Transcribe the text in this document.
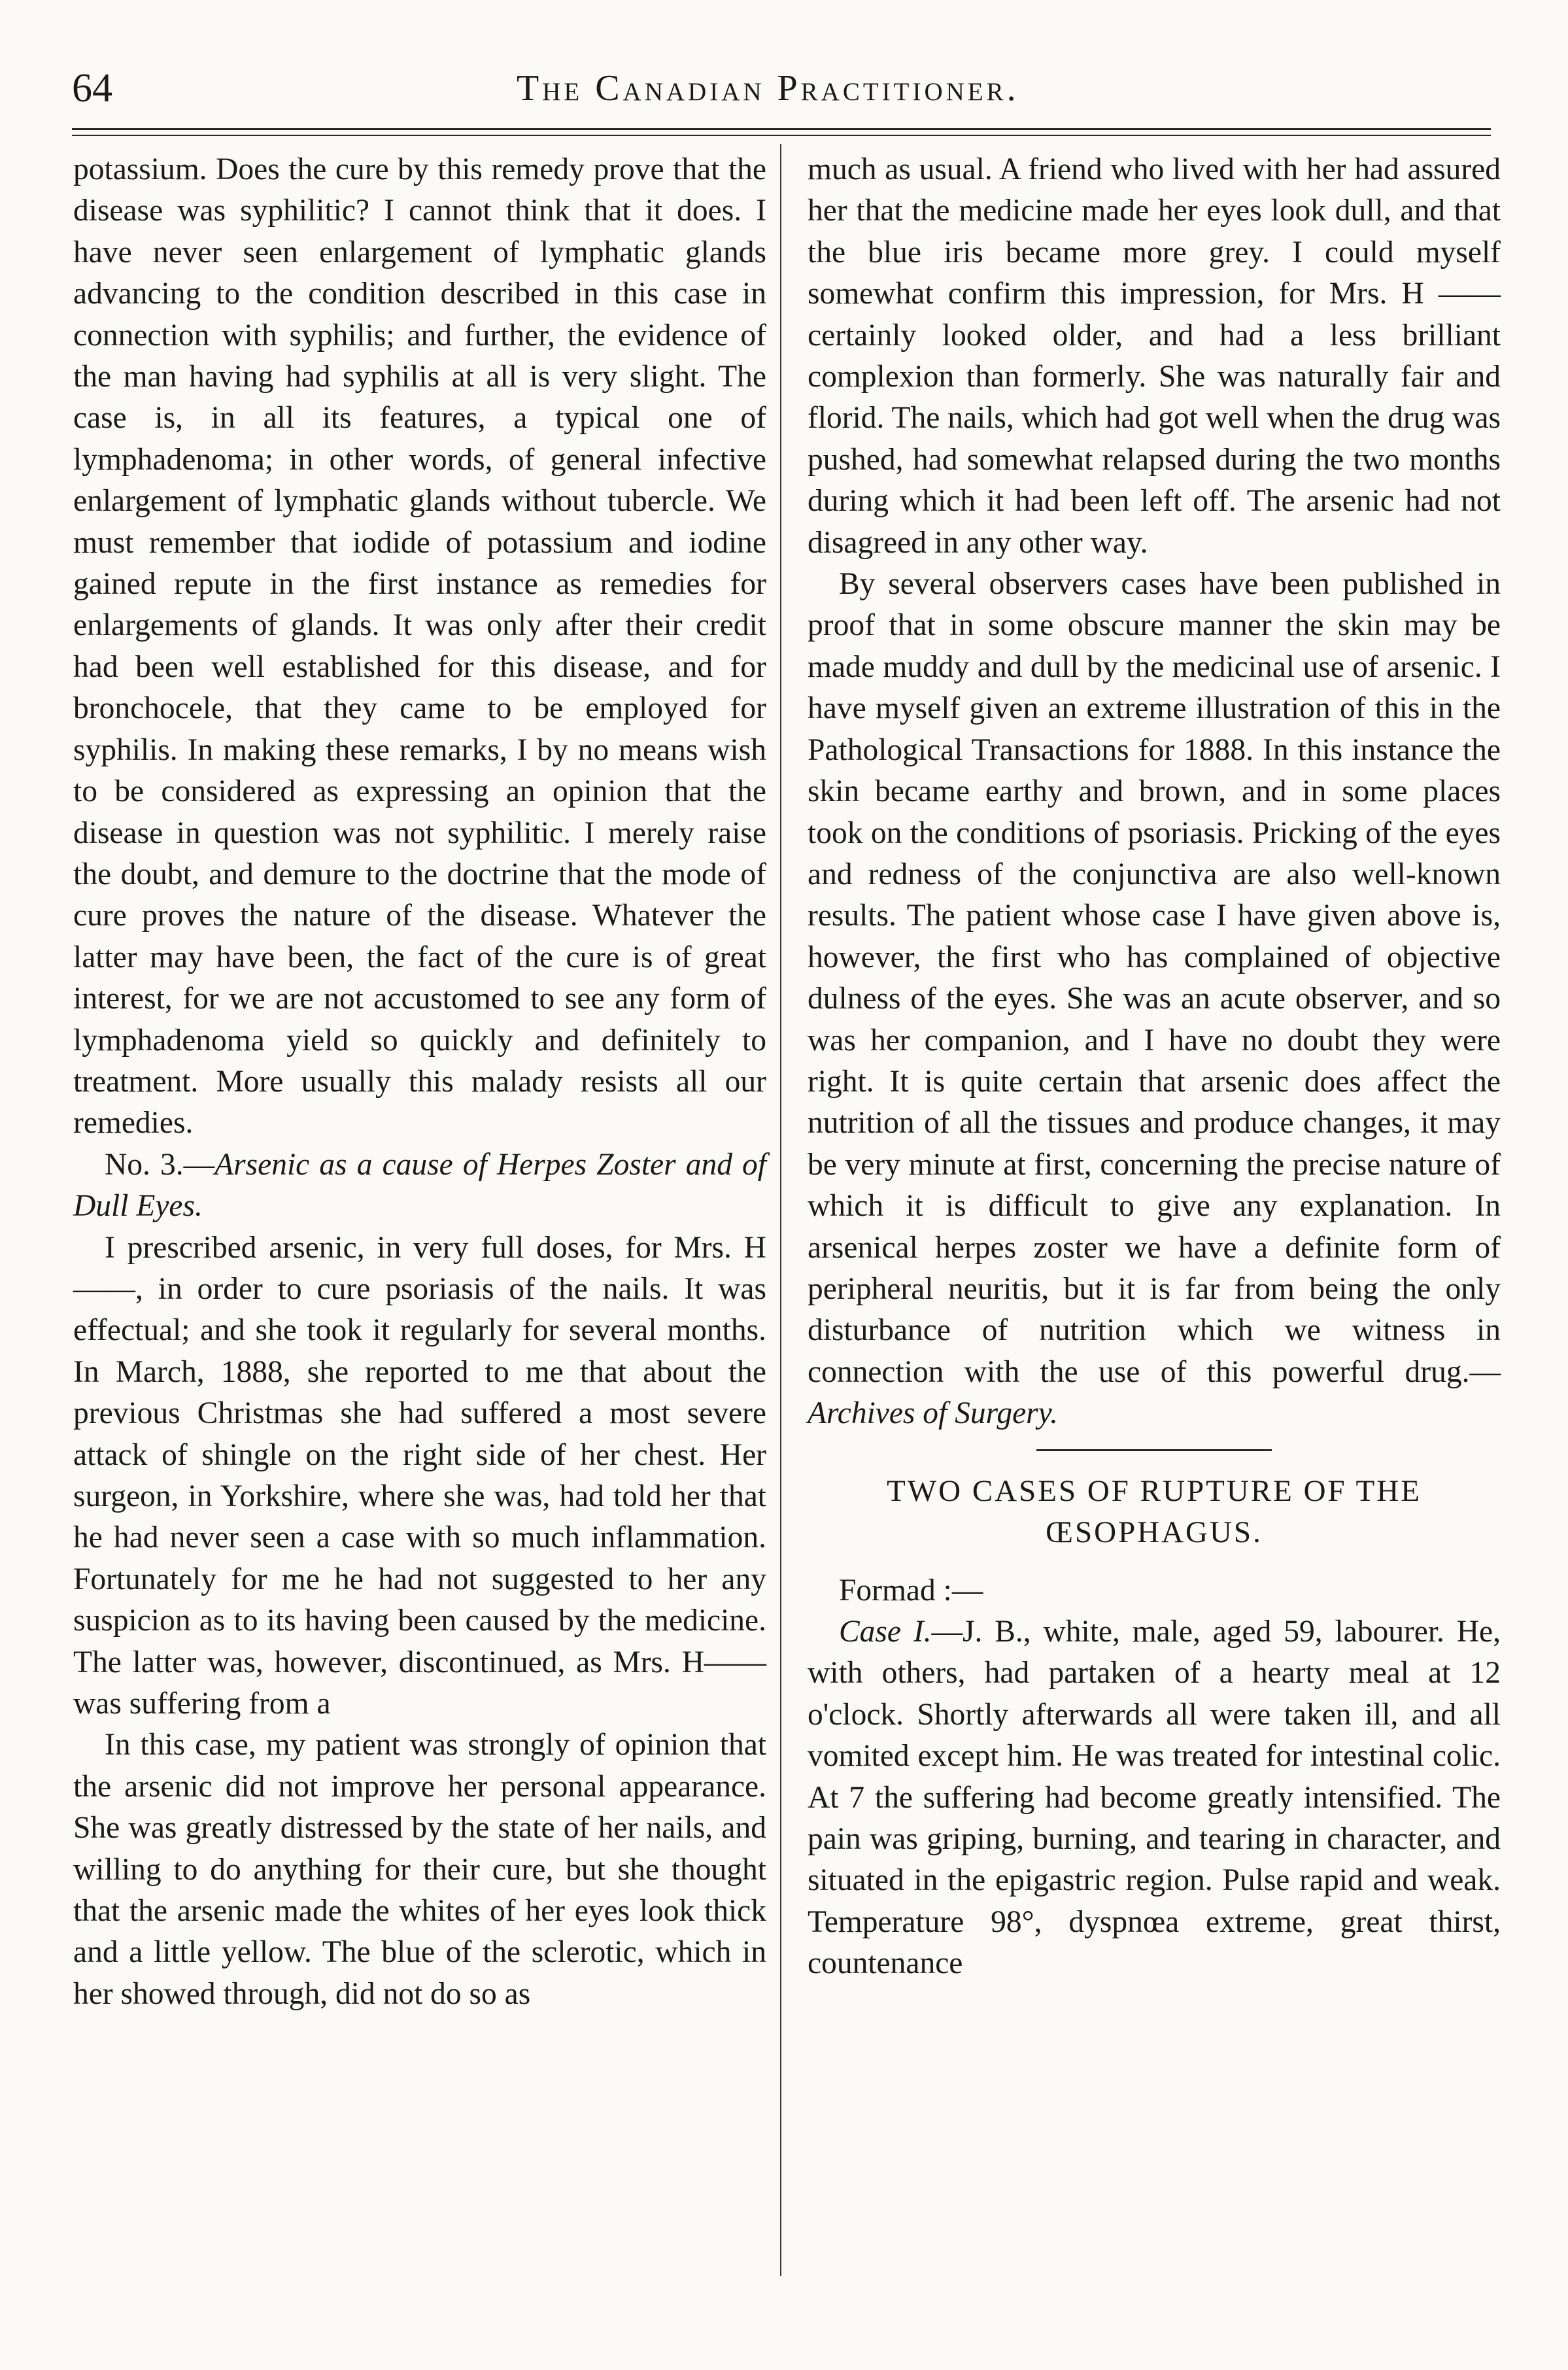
64	The Canadian Practitioner.

potassium. Does the cure by this remedy prove that the disease was syphilitic? I cannot think that it does. I have never seen enlargement of lymphatic glands advancing to the condition described in this case in connection with syphilis; and further, the evidence of the man having had syphilis at all is very slight. The case is, in all its features, a typical one of lymphadenoma; in other words, of general infective enlargement of lymphatic glands without tubercle. We must remember that iodide of potassium and iodine gained repute in the first instance as remedies for enlargements of glands. It was only after their credit had been well established for this disease, and for bronchocele, that they came to be employed for syphilis. In making these remarks, I by no means wish to be considered as expressing an opinion that the disease in question was not syphilitic. I merely raise the doubt, and demure to the doctrine that the mode of cure proves the nature of the disease. Whatever the latter may have been, the fact of the cure is of great interest, for we are not accustomed to see any form of lymphadenoma yield so quickly and definitely to treatment. More usually this malady resists all our remedies.

No. 3.—Arsenic as a cause of Herpes Zoster and of Dull Eyes.

I prescribed arsenic, in very full doses, for Mrs. H——, in order to cure psoriasis of the nails. It was effectual; and she took it regularly for several months. In March, 1888, she reported to me that about the previous Christmas she had suffered a most severe attack of shingle on the right side of her chest. Her surgeon, in Yorkshire, where she was, had told her that he had never seen a case with so much inflammation. Fortunately for me he had not suggested to her any suspicion as to its having been caused by the medicine. The latter was, however, discontinued, as Mrs. H—— was suffering from a

In this case, my patient was strongly of opinion that the arsenic did not improve her personal appearance. She was greatly distressed by the state of her nails, and willing to do anything for their cure, but she thought that the arsenic made the whites of her eyes look thick and a little yellow. The blue of the sclerotic, which in her showed through, did not do so as

much as usual. A friend who lived with her had assured her that the medicine made her eyes look dull, and that the blue iris became more grey. I could myself somewhat confirm this impression, for Mrs. H —— certainly looked older, and had a less brilliant complexion than formerly. She was naturally fair and florid. The nails, which had got well when the drug was pushed, had somewhat relapsed during the two months during which it had been left off. The arsenic had not disagreed in any other way.

By several observers cases have been published in proof that in some obscure manner the skin may be made muddy and dull by the medicinal use of arsenic. I have myself given an extreme illustration of this in the Pathological Transactions for 1888. In this instance the skin became earthy and brown, and in some places took on the conditions of psoriasis. Pricking of the eyes and redness of the conjunctiva are also well-known results. The patient whose case I have given above is, however, the first who has complained of objective dulness of the eyes. She was an acute observer, and so was her companion, and I have no doubt they were right. It is quite certain that arsenic does affect the nutrition of all the tissues and produce changes, it may be very minute at first, concerning the precise nature of which it is difficult to give any explanation. In arsenical herpes zoster we have a definite form of peripheral neuritis, but it is far from being the only disturbance of nutrition which we witness in connection with the use of this powerful drug.—Archives of Surgery.

TWO CASES OF RUPTURE OF THE ŒSOPHAGUS.

Formad :—

Case I.—J. B., white, male, aged 59, labourer. He, with others, had partaken of a hearty meal at 12 o'clock. Shortly afterwards all were taken ill, and all vomited except him. He was treated for intestinal colic. At 7 the suffering had become greatly intensified. The pain was griping, burning, and tearing in character, and situated in the epigastric region. Pulse rapid and weak. Temperature 98°, dyspnœa extreme, great thirst, countenance
